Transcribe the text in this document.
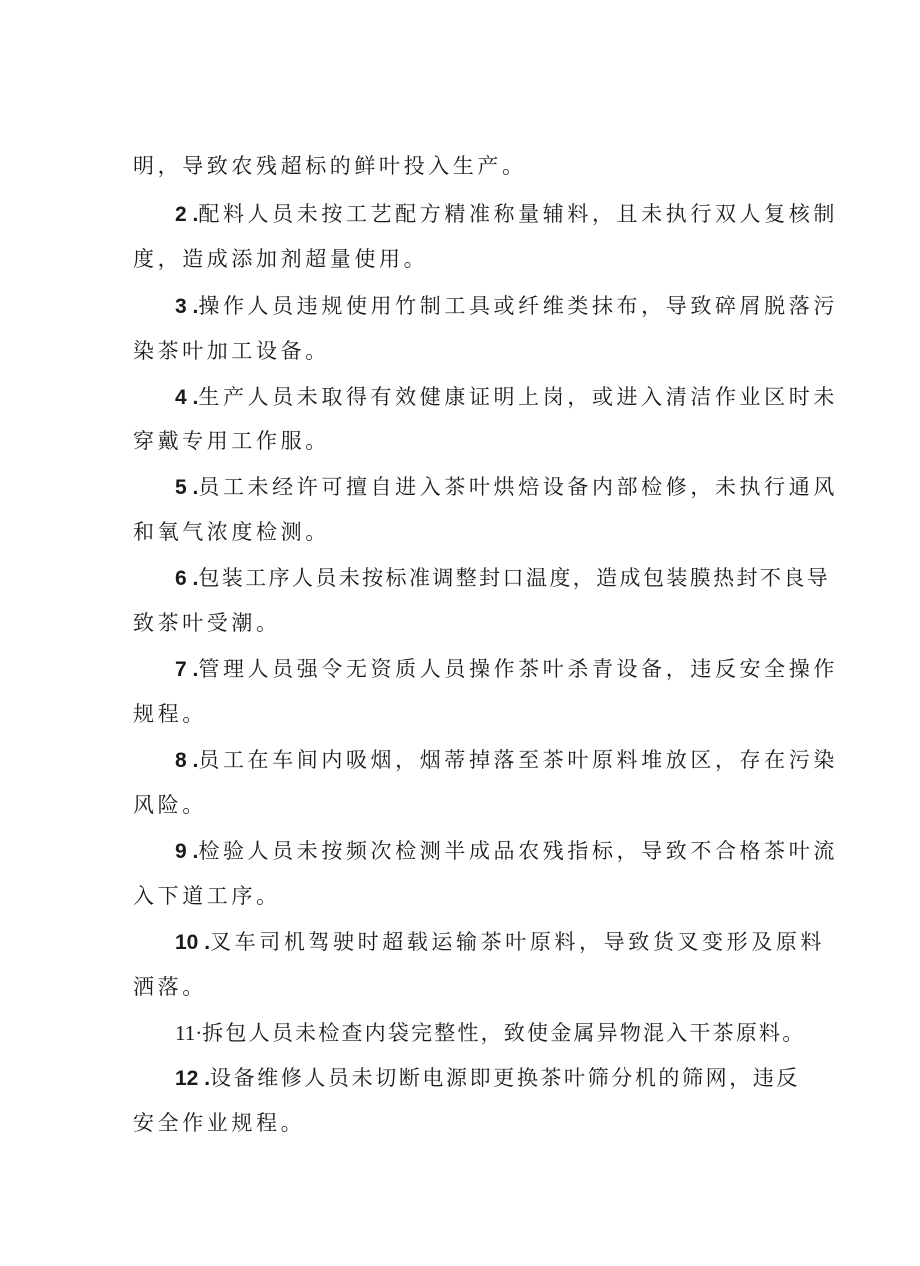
明，导致农残超标的鲜叶投入生产。
2 .配料人员未按工艺配方精准称量辅料，且未执行双人复核制
度，造成添加剂超量使用。
3 .操作人员违规使用竹制工具或纤维类抹布，导致碎屑脱落污
染茶叶加工设备。
4 .生产人员未取得有效健康证明上岗，或进入清洁作业区时未
穿戴专用工作服。
5 .员工未经许可擅自进入茶叶烘焙设备内部检修，未执行通风
和氧气浓度检测。
6 .包装工序人员未按标准调整封口温度，造成包装膜热封不良导
致茶叶受潮。
7 .管理人员强令无资质人员操作茶叶杀青设备，违反安全操作
规程。
8 .员工在车间内吸烟，烟蒂掉落至茶叶原料堆放区，存在污染
风险。
9 .检验人员未按频次检测半成品农残指标，导致不合格茶叶流
入下道工序。
10 .叉车司机驾驶时超载运输茶叶原料，导致货叉变形及原料
洒落。
11·拆包人员未检查内袋完整性，致使金属异物混入干茶原料。
12 .设备维修人员未切断电源即更换茶叶筛分机的筛网，违反
安全作业规程。
